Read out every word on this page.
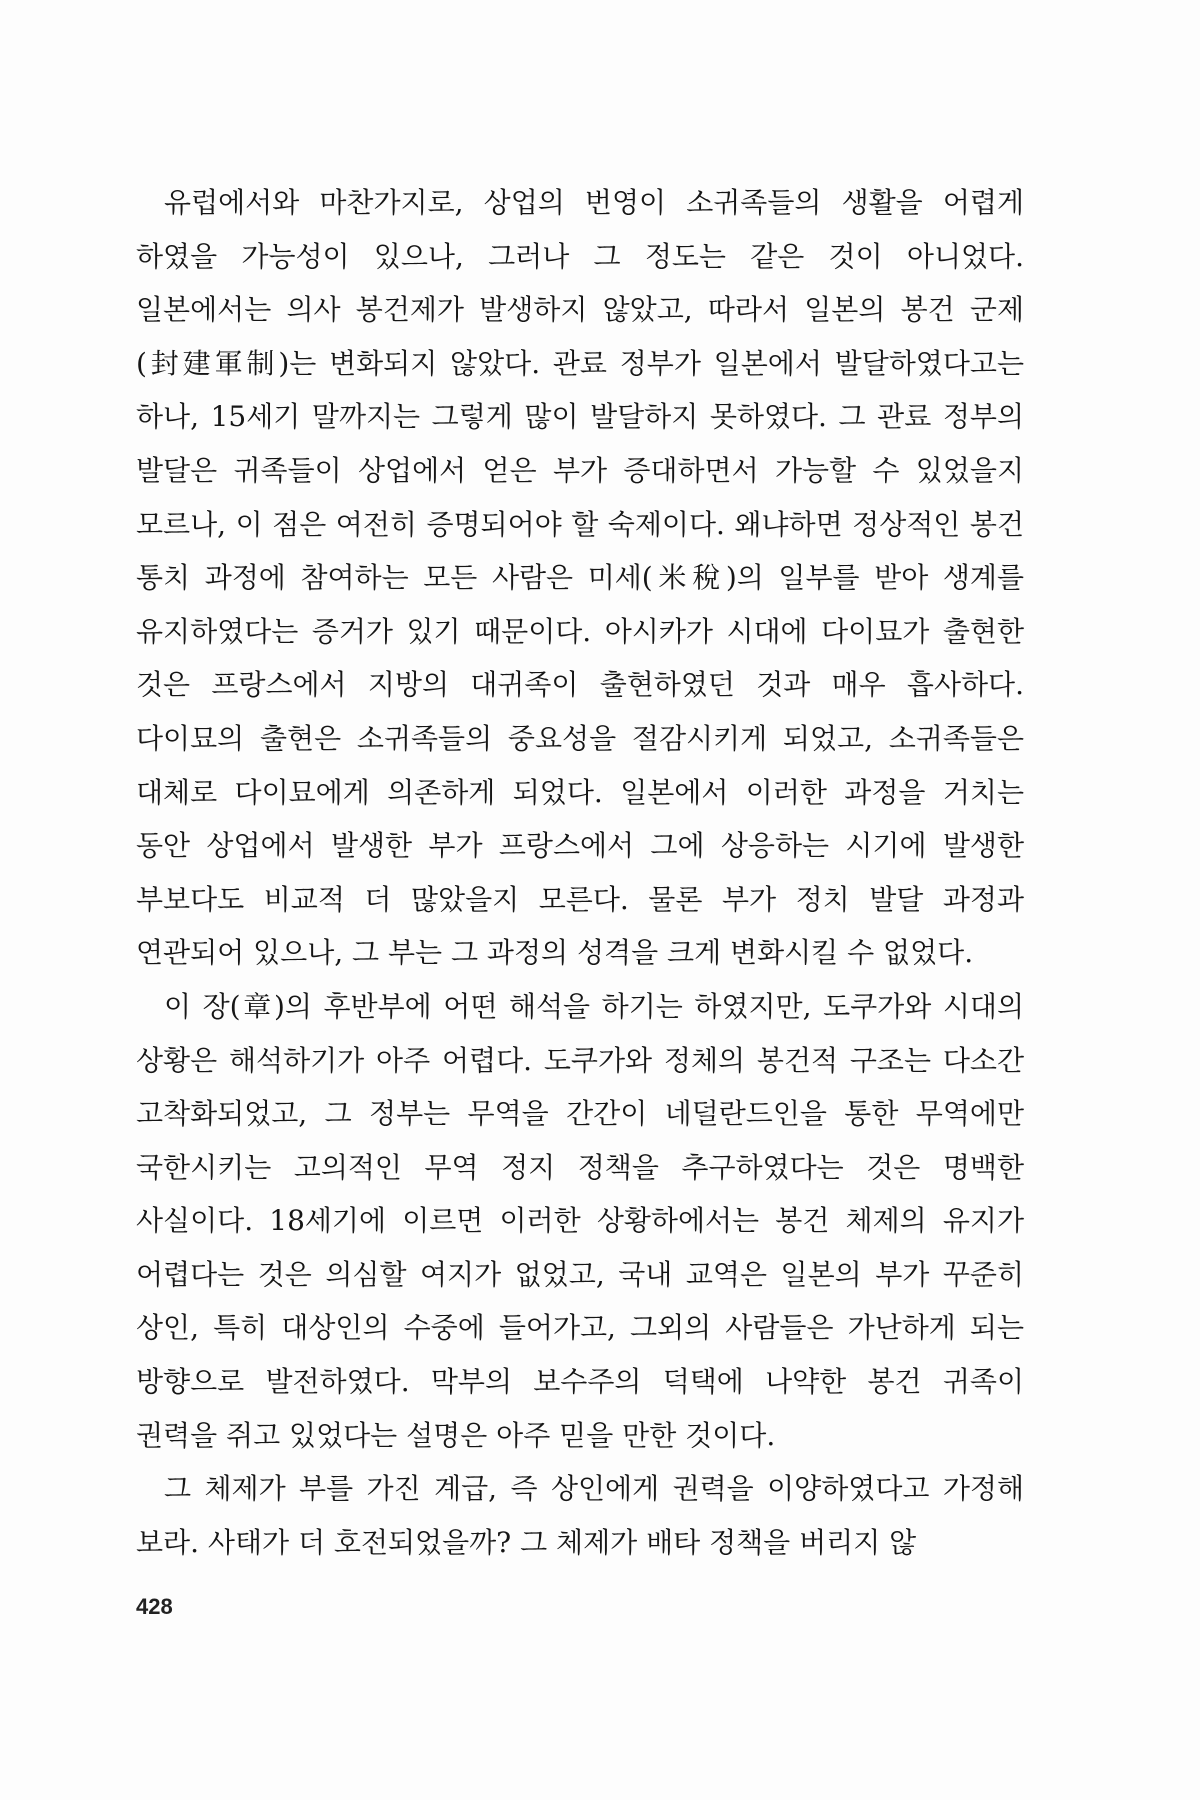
유럽에서와 마찬가지로, 상업의 번영이 소귀족들의 생활을 어렵게 하였을 가능성이 있으나, 그러나 그 정도는 같은 것이 아니었다. 일본에서는 의사 봉건제가 발생하지 않았고, 따라서 일본의 봉건 군제(封建軍制)는 변화되지 않았다. 관료 정부가 일본에서 발달하였다고는 하나, 15세기 말까지는 그렇게 많이 발달하지 못하였다. 그 관료 정부의 발달은 귀족들이 상업에서 얻은 부가 증대하면서 가능할 수 있었을지 모르나, 이 점은 여전히 증명되어야 할 숙제이다. 왜냐하면 정상적인 봉건 통치 과정에 참여하는 모든 사람은 미세(米稅)의 일부를 받아 생계를 유지하였다는 증거가 있기 때문이다. 아시카가 시대에 다이묘가 출현한 것은 프랑스에서 지방의 대귀족이 출현하였던 것과 매우 흡사하다. 다이묘의 출현은 소귀족들의 중요성을 절감시키게 되었고, 소귀족들은 대체로 다이묘에게 의존하게 되었다. 일본에서 이러한 과정을 거치는 동안 상업에서 발생한 부가 프랑스에서 그에 상응하는 시기에 발생한 부보다도 비교적 더 많았을지 모른다. 물론 부가 정치 발달 과정과 연관되어 있으나, 그 부는 그 과정의 성격을 크게 변화시킬 수 없었다.

이 장(章)의 후반부에 어떤 해석을 하기는 하였지만, 도쿠가와 시대의 상황은 해석하기가 아주 어렵다. 도쿠가와 정체의 봉건적 구조는 다소간 고착화되었고, 그 정부는 무역을 간간이 네덜란드인을 통한 무역에만 국한시키는 고의적인 무역 정지 정책을 추구하였다는 것은 명백한 사실이다. 18세기에 이르면 이러한 상황하에서는 봉건 체제의 유지가 어렵다는 것은 의심할 여지가 없었고, 국내 교역은 일본의 부가 꾸준히 상인, 특히 대상인의 수중에 들어가고, 그외의 사람들은 가난하게 되는 방향으로 발전하였다. 막부의 보수주의 덕택에 나약한 봉건 귀족이 권력을 쥐고 있었다는 설명은 아주 믿을 만한 것이다.

그 체제가 부를 가진 계급, 즉 상인에게 권력을 이양하였다고 가정해 보라. 사태가 더 호전되었을까? 그 체제가 배타 정책을 버리지 않

428
